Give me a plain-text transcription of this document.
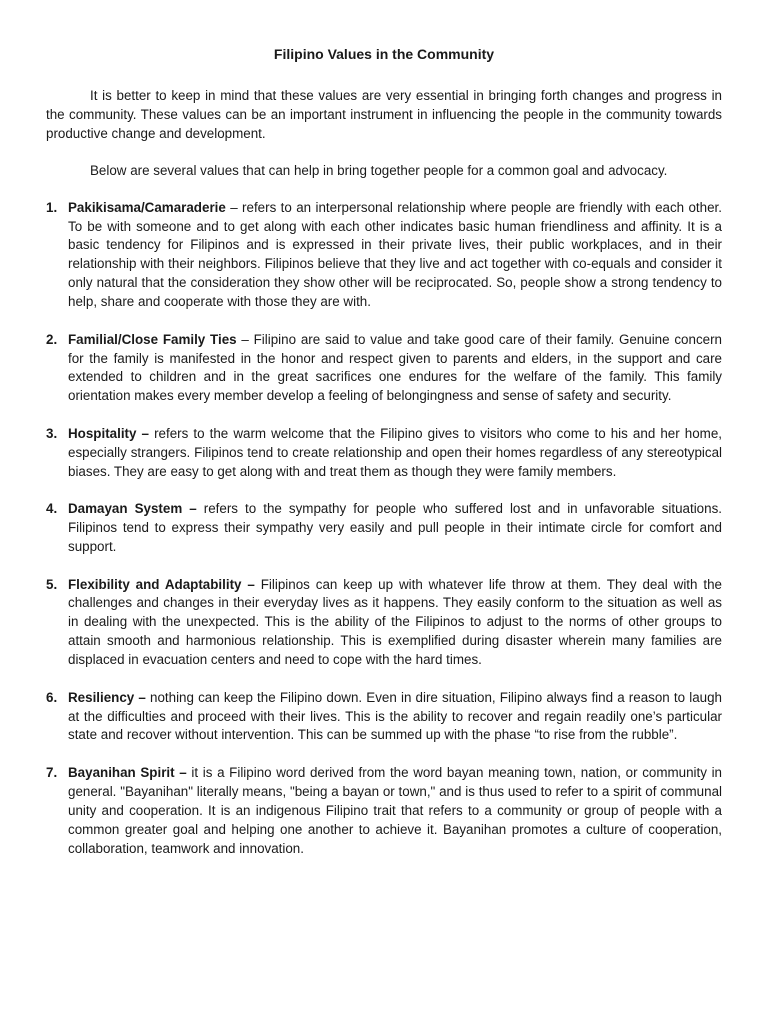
Filipino Values in the Community

It is better to keep in mind that these values are very essential in bringing forth changes and progress in the community. These values can be an important instrument in influencing the people in the community towards productive change and development.

Below are several values that can help in bring together people for a common goal and advocacy.

1. Pakikisama/Camaraderie – refers to an interpersonal relationship where people are friendly with each other. To be with someone and to get along with each other indicates basic human friendliness and affinity. It is a basic tendency for Filipinos and is expressed in their private lives, their public workplaces, and in their relationship with their neighbors. Filipinos believe that they live and act together with co-equals and consider it only natural that the consideration they show other will be reciprocated. So, people show a strong tendency to help, share and cooperate with those they are with.
2. Familial/Close Family Ties – Filipino are said to value and take good care of their family. Genuine concern for the family is manifested in the honor and respect given to parents and elders, in the support and care extended to children and in the great sacrifices one endures for the welfare of the family. This family orientation makes every member develop a feeling of belongingness and sense of safety and security.
3. Hospitality – refers to the warm welcome that the Filipino gives to visitors who come to his and her home, especially strangers. Filipinos tend to create relationship and open their homes regardless of any stereotypical biases. They are easy to get along with and treat them as though they were family members.
4. Damayan System – refers to the sympathy for people who suffered lost and in unfavorable situations. Filipinos tend to express their sympathy very easily and pull people in their intimate circle for comfort and support.
5. Flexibility and Adaptability – Filipinos can keep up with whatever life throw at them. They deal with the challenges and changes in their everyday lives as it happens. They easily conform to the situation as well as in dealing with the unexpected. This is the ability of the Filipinos to adjust to the norms of other groups to attain smooth and harmonious relationship. This is exemplified during disaster wherein many families are displaced in evacuation centers and need to cope with the hard times.
6. Resiliency – nothing can keep the Filipino down. Even in dire situation, Filipino always find a reason to laugh at the difficulties and proceed with their lives. This is the ability to recover and regain readily one’s particular state and recover without intervention. This can be summed up with the phase “to rise from the rubble”.
7. Bayanihan Spirit – it is a Filipino word derived from the word bayan meaning town, nation, or community in general. "Bayanihan" literally means, "being a bayan or town," and is thus used to refer to a spirit of communal unity and cooperation. It is an indigenous Filipino trait that refers to a community or group of people with a common greater goal and helping one another to achieve it. Bayanihan promotes a culture of cooperation, collaboration, teamwork and innovation.
